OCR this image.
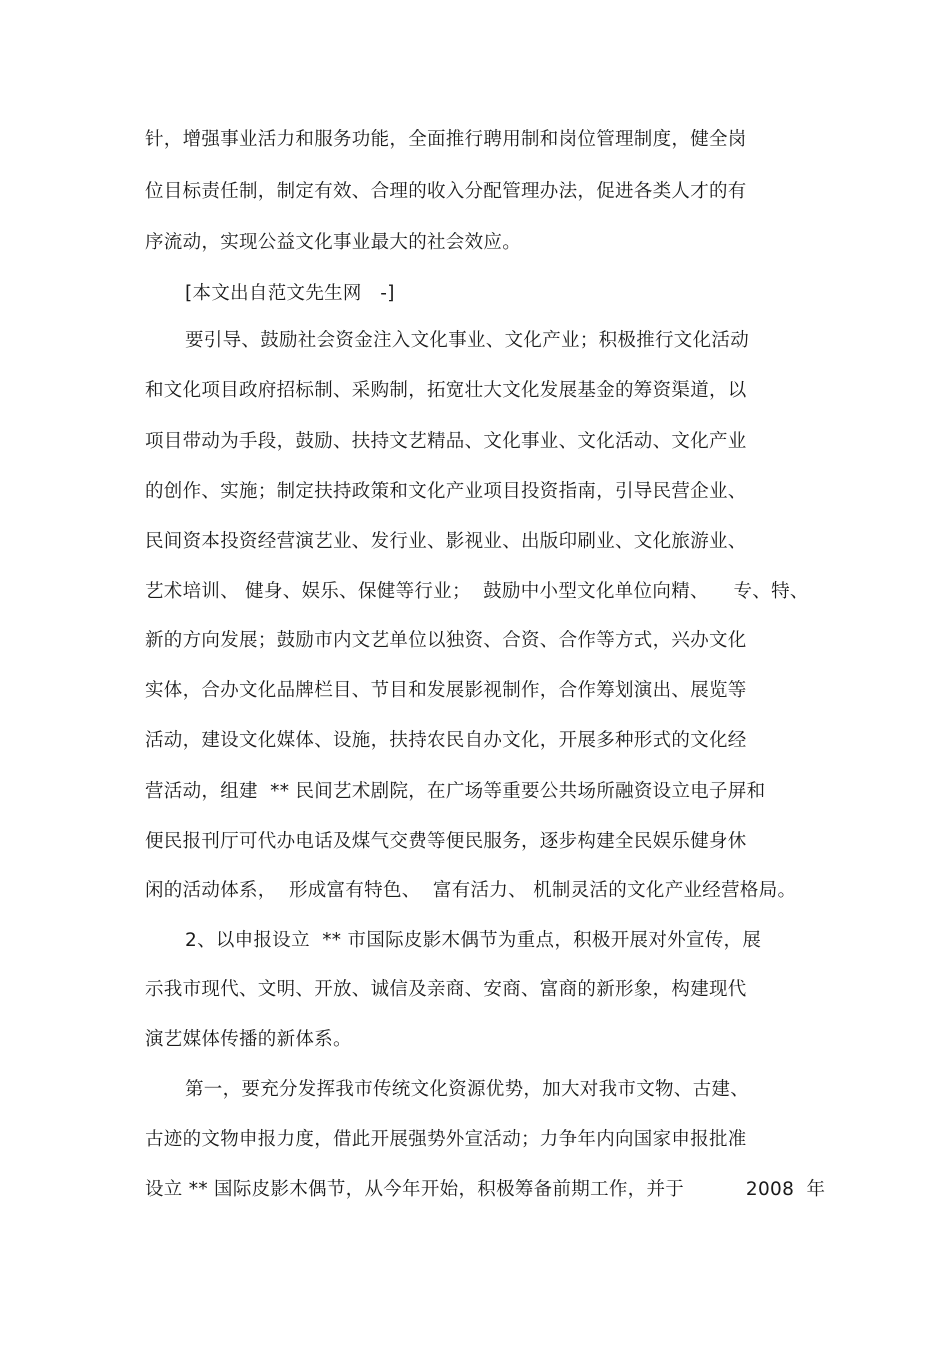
针，增强事业活力和服务功能，全面推行聘用制和岗位管理制度，健全岗
位目标责任制，制定有效、合理的收入分配管理办法，促进各类人才的有
序流动，实现公益文化事业最大的社会效应。
[本文出自范文先生网   -]
要引导、鼓励社会资金注入文化事业、文化产业；积极推行文化活动
和文化项目政府招标制、采购制，拓宽壮大文化发展基金的筹资渠道，以
项目带动为手段，鼓励、扶持文艺精品、文化事业、文化活动、文化产业
的创作、实施；制定扶持政策和文化产业项目投资指南，引导民营企业、
民间资本投资经营演艺业、发行业、影视业、出版印刷业、文化旅游业、
艺术培训、 健身、娱乐、保健等行业；  鼓励中小型文化单位向精、    专、特、
新的方向发展；鼓励市内文艺单位以独资、合资、合作等方式，兴办文化
实体，合办文化品牌栏目、节目和发展影视制作，合作筹划演出、展览等
活动，建设文化媒体、设施，扶持农民自办文化，开展多种形式的文化经
营活动，组建  ** 民间艺术剧院，在广场等重要公共场所融资设立电子屏和
便民报刊厅可代办电话及煤气交费等便民服务，逐步构建全民娱乐健身休
闲的活动体系，  形成富有特色、  富有活力、 机制灵活的文化产业经营格局。
2、以申报设立  ** 市国际皮影木偶节为重点，积极开展对外宣传，展
示我市现代、文明、开放、诚信及亲商、安商、富商的新形象，构建现代
演艺媒体传播的新体系。
第一，要充分发挥我市传统文化资源优势，加大对我市文物、古建、
古迹的文物申报力度，借此开展强势外宣活动；力争年内向国家申报批准
设立 ** 国际皮影木偶节，从今年开始，积极筹备前期工作，并于          2008  年
